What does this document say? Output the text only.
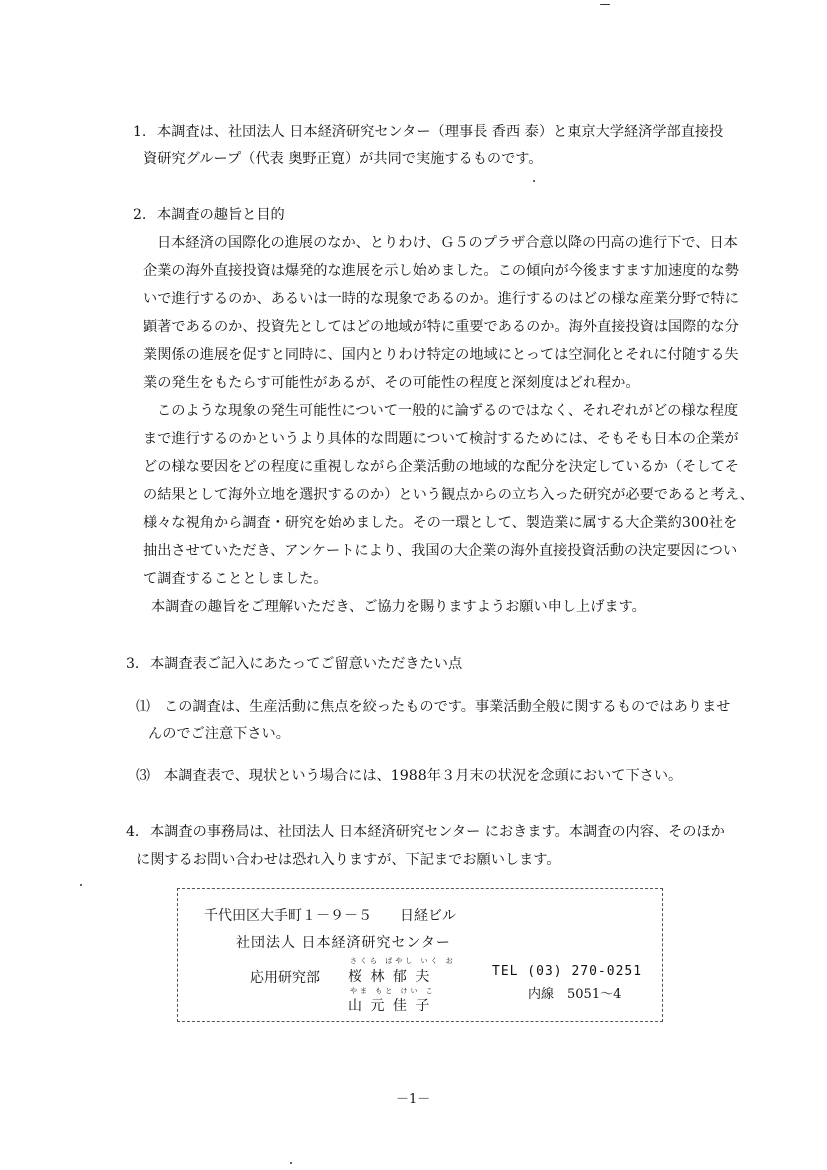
1. 本調査は、社団法人 日本経済研究センター（理事長 香西 泰）と東京大学経済学部直接投
資研究グループ（代表 奥野正寛）が共同で実施するものです。
2. 本調査の趣旨と目的
日本経済の国際化の進展のなか、とりわけ、Ｇ５のプラザ合意以降の円高の進行下で、日本
企業の海外直接投資は爆発的な進展を示し始めました。この傾向が今後ますます加速度的な勢
いで進行するのか、あるいは一時的な現象であるのか。進行するのはどの様な産業分野で特に
顕著であるのか、投資先としてはどの地域が特に重要であるのか。海外直接投資は国際的な分
業関係の進展を促すと同時に、国内とりわけ特定の地域にとっては空洞化とそれに付随する失
業の発生をもたらす可能性があるが、その可能性の程度と深刻度はどれ程か。
このような現象の発生可能性について一般的に論ずるのではなく、それぞれがどの様な程度
まで進行するのかというより具体的な問題について検討するためには、そもそも日本の企業が
どの様な要因をどの程度に重視しながら企業活動の地域的な配分を決定しているか（そしてそ
の結果として海外立地を選択するのか）という観点からの立ち入った研究が必要であると考え、
様々な視角から調査・研究を始めました。その一環として、製造業に属する大企業約300社を
抽出させていただき、アンケートにより、我国の大企業の海外直接投資活動の決定要因につい
て調査することとしました。
本調査の趣旨をご理解いただき、ご協力を賜りますようお願い申し上げます。
3. 本調査表ご記入にあたってご留意いただきたい点
⑴ この調査は、生産活動に焦点を絞ったものです。事業活動全般に関するものではありませ
んのでご注意下さい。
⑶ 本調査表で、現状という場合には、1988年３月末の状況を念頭において下さい。
4. 本調査の事務局は、社団法人 日本経済研究センター におきます。本調査の内容、そのほか
に関するお問い合わせは恐れ入りますが、下記までお願いします。
千代田区大手町１－９－５　　日経ビル
社団法人 日本経済研究センター
応用研究部
さくら ばやし いく お
桜 林 郁 夫
やま もと けい こ
山 元 佳 子
TEL (03) 270-0251
内線　5051～4
－1－
